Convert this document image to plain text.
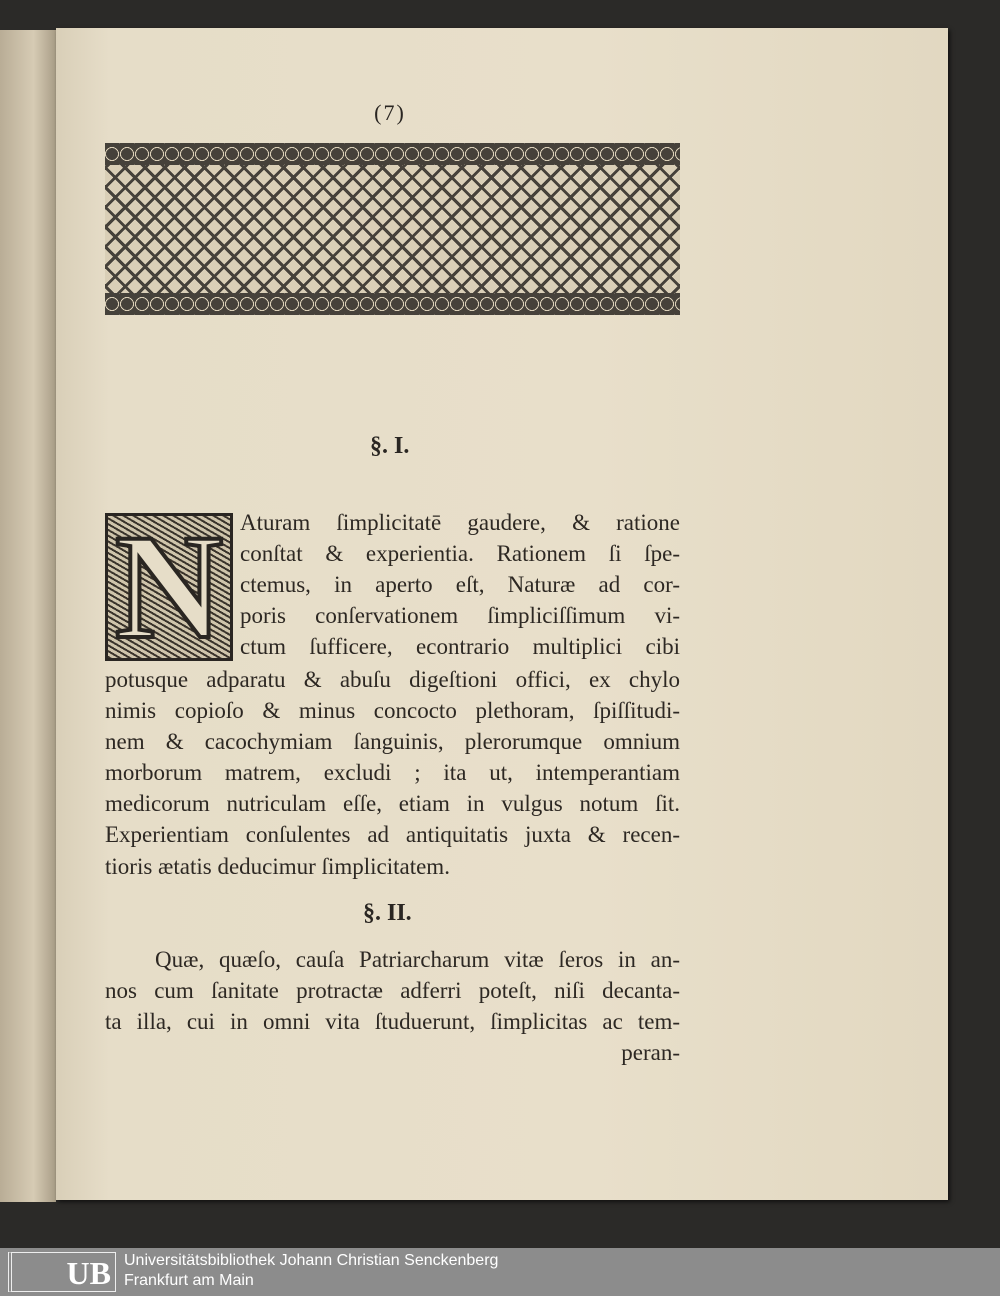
(7)
§. I.
N Aturam ſimplicitatē gaudere, & ratione
conſtat & experientia. Rationem ſi ſpe-
ctemus, in aperto eſt, Naturæ ad cor-
poris conſervationem ſimpliciſſimum vi-
ctum ſufficere, econtrario multiplici cibi
potusque adparatu & abuſu digeſtioni offici, ex chylo
nimis copioſo & minus concocto plethoram, ſpiſſitudi-
nem & cacochymiam ſanguinis, plerorumque omnium
morborum matrem, excludi ; ita ut, intemperantiam
medicorum nutriculam eſſe, etiam in vulgus notum ſit.
Experientiam conſulentes ad antiquitatis juxta & recen-
tioris ætatis deducimur ſimplicitatem.
§. II.
Quæ, quæſo, cauſa Patriarcharum vitæ ſeros in an-
nos cum ſanitate protractæ adferri poteſt, niſi decanta-
ta illa, cui in omni vita ſtuduerunt, ſimplicitas ac tem-
peran-
UB Universitätsbibliothek Johann Christian Senckenberg
Frankfurt am Main
